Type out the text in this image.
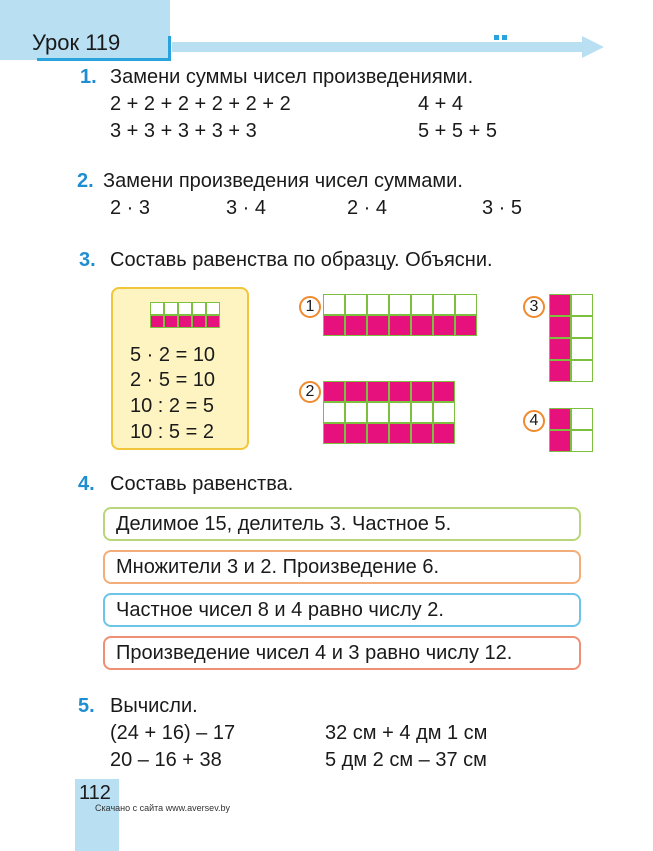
Урок 119
1. Замени суммы чисел произведениями.
2 + 2 + 2 + 2 + 2 + 2	4 + 4
3 + 3 + 3 + 3 + 3	5 + 5 + 5
2. Замени произведения чисел суммами.
2 · 3	3 · 4	2 · 4	3 · 5
3. Составь равенства по образцу. Объясни.
5 · 2 = 10
2 · 5 = 10
10 : 2 = 5
10 : 5 = 2
1
2
3
4
4. Составь равенства.
Делимое 15, делитель 3. Частное 5.
Множители 3 и 2. Произведение 6.
Частное чисел 8 и 4 равно числу 2.
Произведение чисел 4 и 3 равно числу 12.
5. Вычисли.
(24 + 16) – 17	32 см + 4 дм 1 см
20 – 16 + 38	5 дм 2 см – 37 см
112
Скачано с сайта www.aversev.by
